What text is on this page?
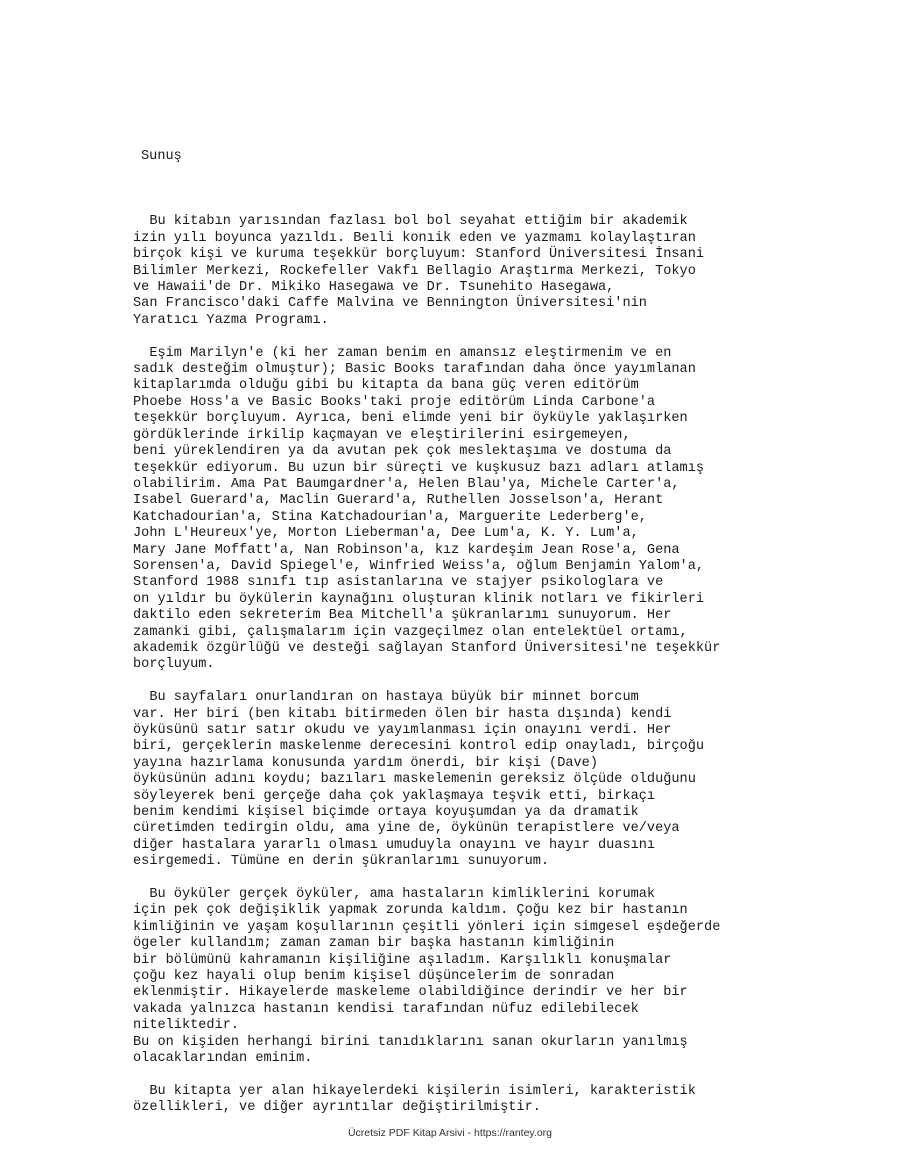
Sunuş

Bu kitabın yarısından fazlası bol bol seyahat ettiğim bir akademik
izin yılı boyunca yazıldı. Beıli konıik eden ve yazmamı kolaylaştıran
birçok kişi ve kuruma teşekkür borçluyum: Stanford Üniversitesi İnsani
Bilimler Merkezi, Rockefeller Vakfı Bellagio Araştırma Merkezi, Tokyo
ve Hawaii'de Dr. Mikiko Hasegawa ve Dr. Tsunehito Hasegawa,
San Francisco'daki Caffe Malvina ve Bennington Üniversitesi'nin
Yaratıcı Yazma Programı.
Eşim Marilyn'e (ki her zaman benim en amansız eleştirmenim ve en
sadık desteğim olmuştur); Basic Books tarafından daha önce yayımlanan
kitaplarımda olduğu gibi bu kitapta da bana güç veren editörüm
Phoebe Hoss'a ve Basic Books'taki proje editörüm Linda Carbone'a
teşekkür borçluyum. Ayrıca, beni elimde yeni bir öyküyle yaklaşırken
gördüklerinde irkilip kaçmayan ve eleştirilerini esirgemeyen,
beni yüreklendiren ya da avutan pek çok meslektaşıma ve dostuma da
teşekkür ediyorum. Bu uzun bir süreçti ve kuşkusuz bazı adları atlamış
olabilirim. Ama Pat Baumgardner'a, Helen Blau'ya, Michele Carter'a,
Isabel Guerard'a, Maclin Guerard'a, Ruthellen Josselson'a, Herant
Katchadourian'a, Stina Katchadourian'a, Marguerite Lederberg'e,
John L'Heureux'ye, Morton Lieberman'a, Dee Lum'a, K. Y. Lum'a,
Mary Jane Moffatt'a, Nan Robinson'a, kız kardeşim Jean Rose'a, Gena
Sorensen'a, David Spiegel'e, Winfried Weiss'a, oğlum Benjamin Yalom'a,
Stanford 1988 sınıfı tıp asistanlarına ve stajyer psikologlara ve
on yıldır bu öykülerin kaynağını oluşturan klinik notları ve fikirleri
daktilo eden sekreterim Bea Mitchell'a şükranlarımı sunuyorum. Her
zamanki gibi, çalışmalarım için vazgeçilmez olan entelektüel ortamı,
akademik özgürlüğü ve desteği sağlayan Stanford Üniversitesi'ne teşekkür
borçluyum.
Bu sayfaları onurlandıran on hastaya büyük bir minnet borcum
var. Her biri (ben kitabı bitirmeden ölen bir hasta dışında) kendi
öyküsünü satır satır okudu ve yayımlanması için onayını verdi. Her
biri, gerçeklerin maskelenme derecesini kontrol edip onayladı, birçoğu
yayına hazırlama konusunda yardım önerdi, bir kişi (Dave)
öyküsünün adını koydu; bazıları maskelemenin gereksiz ölçüde olduğunu
söyleyerek beni gerçeğe daha çok yaklaşmaya teşvik etti, birkaçı
benim kendimi kişisel biçimde ortaya koyuşumdan ya da dramatik
cüretimden tedirgin oldu, ama yine de, öykünün terapistlere ve/veya
diğer hastalara yararlı olması umuduyla onayını ve hayır duasını
esirgemedi. Tümüne en derin şükranlarımı sunuyorum.
Bu öyküler gerçek öyküler, ama hastaların kimliklerini korumak
için pek çok değişiklik yapmak zorunda kaldım. Çoğu kez bir hastanın
kimliğinin ve yaşam koşullarının çeşitli yönleri için simgesel eşdeğerde
ögeler kullandım; zaman zaman bir başka hastanın kimliğinin
bir bölümünü kahramanın kişiliğine aşıladım. Karşılıklı konuşmalar
çoğu kez hayali olup benim kişisel düşüncelerim de sonradan
eklenmiştir. Hikayelerde maskeleme olabildiğince derindir ve her bir
vakada yalnızca hastanın kendisi tarafından nüfuz edilebilecek
niteliktedir.
Bu on kişiden herhangi birini tanıdıklarını sanan okurların yanılmış
olacaklarından eminim.
Bu kitapta yer alan hikayelerdeki kişilerin isimleri, karakteristik
özellikleri, ve diğer ayrıntılar değiştirilmiştir.

Ücretsiz PDF Kitap Arsivi - https://rantey.org
